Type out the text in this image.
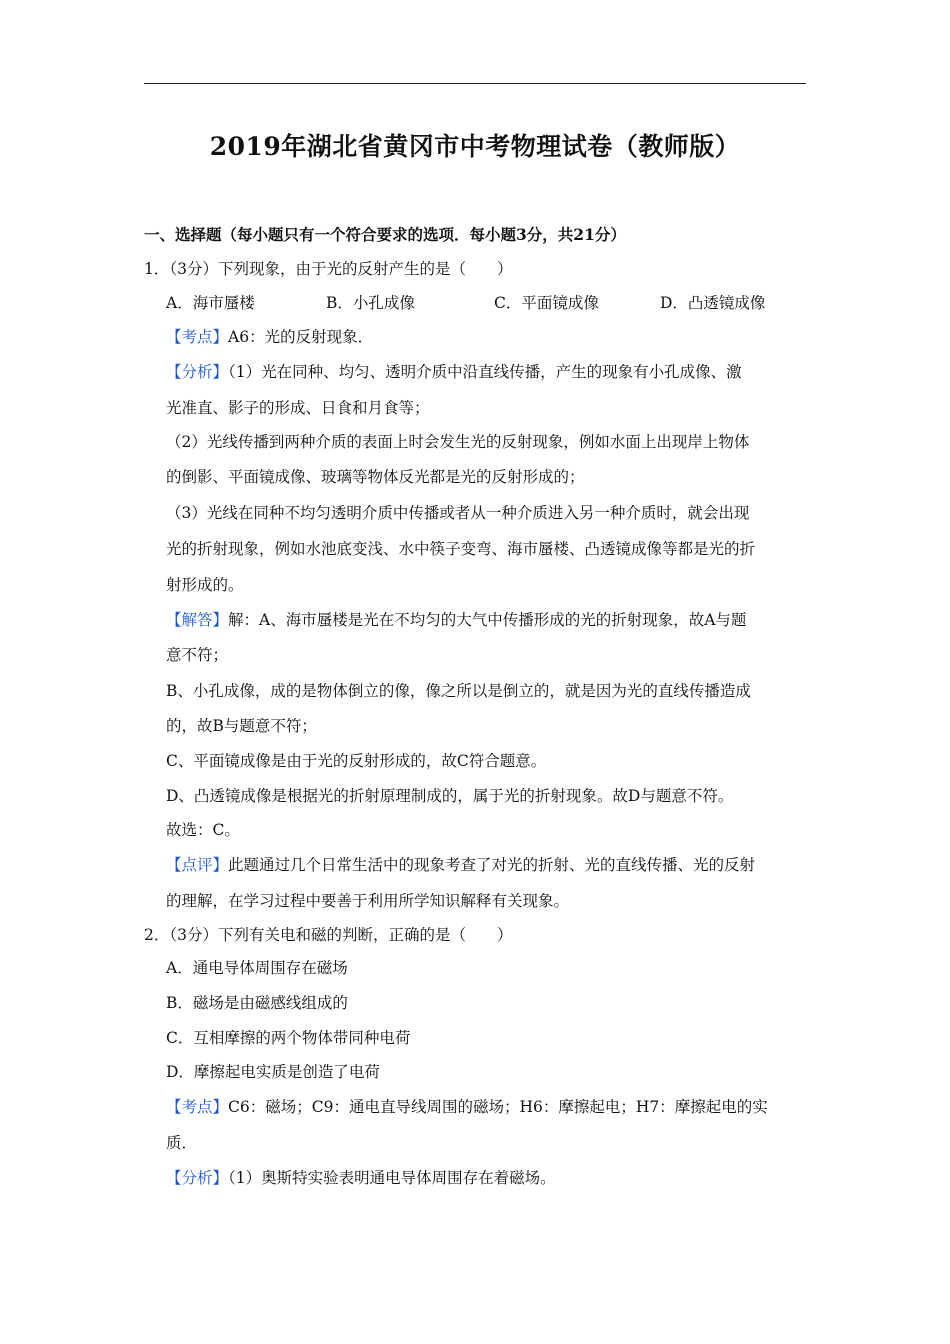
2019年湖北省黄冈市中考物理试卷（教师版）
一、选择题（每小题只有一个符合要求的选项．每小题3分，共21分）
1．（3分）下列现象，由于光的反射产生的是（　　）
A．海市蜃楼	B．小孔成像	C．平面镜成像	D．凸透镜成像
【考点】A6：光的反射现象．
【分析】（1）光在同种、均匀、透明介质中沿直线传播，产生的现象有小孔成像、激
光准直、影子的形成、日食和月食等；
（2）光线传播到两种介质的表面上时会发生光的反射现象，例如水面上出现岸上物体
的倒影、平面镜成像、玻璃等物体反光都是光的反射形成的；
（3）光线在同种不均匀透明介质中传播或者从一种介质进入另一种介质时，就会出现
光的折射现象，例如水池底变浅、水中筷子变弯、海市蜃楼、凸透镜成像等都是光的折
射形成的。
【解答】解：A、海市蜃楼是光在不均匀的大气中传播形成的光的折射现象，故A与题
意不符；
B、小孔成像，成的是物体倒立的像，像之所以是倒立的，就是因为光的直线传播造成
的，故B与题意不符；
C、平面镜成像是由于光的反射形成的，故C符合题意。
D、凸透镜成像是根据光的折射原理制成的，属于光的折射现象。故D与题意不符。
故选：C。
【点评】此题通过几个日常生活中的现象考查了对光的折射、光的直线传播、光的反射
的理解，在学习过程中要善于利用所学知识解释有关现象。
2．（3分）下列有关电和磁的判断，正确的是（　　）
A．通电导体周围存在磁场
B．磁场是由磁感线组成的
C．互相摩擦的两个物体带同种电荷
D．摩擦起电实质是创造了电荷
【考点】C6：磁场；C9：通电直导线周围的磁场；H6：摩擦起电；H7：摩擦起电的实
质．
【分析】（1）奥斯特实验表明通电导体周围存在着磁场。
